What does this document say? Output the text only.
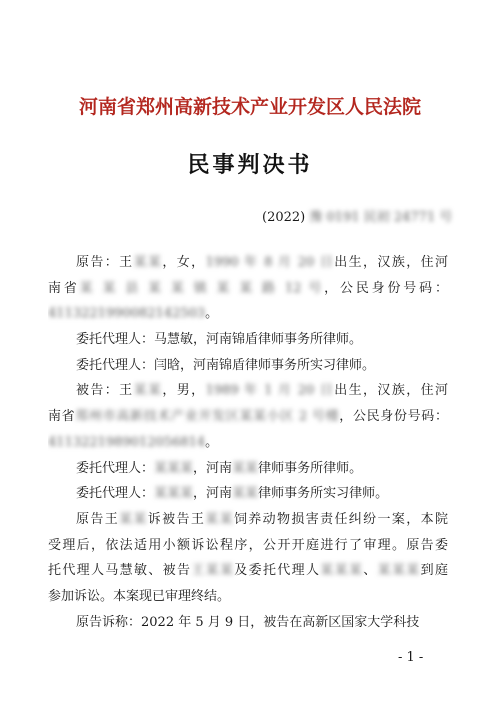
河南省郑州高新技术产业开发区人民法院
民事判决书
(2022) 豫 0191 民初 24771 号
原告：王某某，女，1990 年 8 月 20 日出生，汉族，住河
南省某 某 县 某 某 镇 某 某 路 12 号，公民身份号码：
4113221990082142503。
委托代理人：马慧敏，河南锦盾律师事务所律师。
委托代理人：闫晗，河南锦盾律师事务所实习律师。
被告：王某某，男，1989 年 1 月 20 日出生，汉族，住河
南省郑州市高新技术产业开发区某某小区 2 号楼，公民身份号码：
4113221989012056814。
委托代理人：某某某，河南某某律师事务所律师。
委托代理人：某某某，河南某某律师事务所实习律师。
原告王某某诉被告王某某饲养动物损害责任纠纷一案，本院
受理后，依法适用小额诉讼程序，公开开庭进行了审理。原告委
托代理人马慧敏、被告王某某及委托代理人某某某、某某某到庭
参加诉讼。本案现已审理终结。
原告诉称：2022 年 5 月 9 日，被告在高新区国家大学科技
- 1 -
